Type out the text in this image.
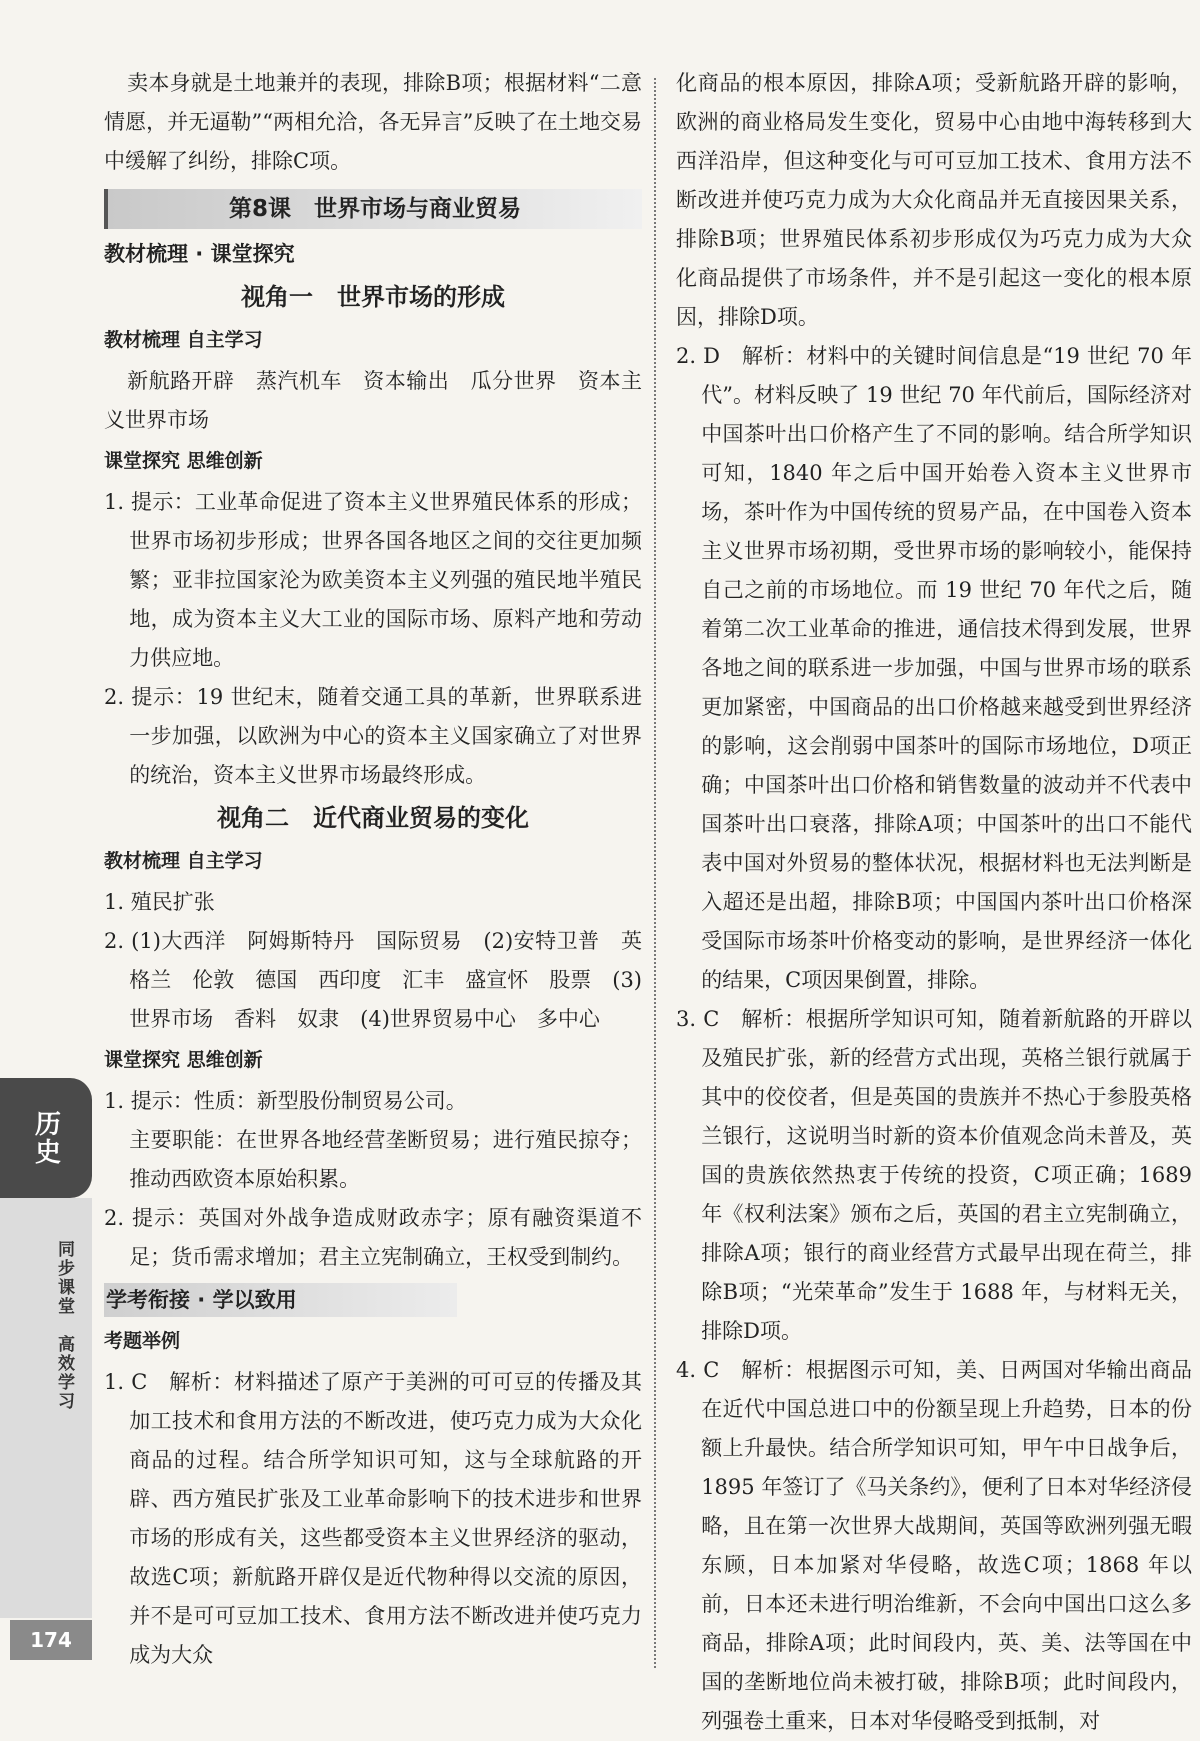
卖本身就是土地兼并的表现，排除B项；根据材料“二意情愿，并无逼勒”“两相允洽，各无异言”反映了在土地交易中缓解了纠纷，排除C项。

第8课　世界市场与商业贸易
教材梳理 · 课堂探究
视角一　世界市场的形成
教材梳理 自主学习

新航路开辟　蒸汽机车　资本输出　瓜分世界　资本主义世界市场

课堂探究 思维创新

1. 提示：工业革命促进了资本主义世界殖民体系的形成；世界市场初步形成；世界各国各地区之间的交往更加频繁；亚非拉国家沦为欧美资本主义列强的殖民地半殖民地，成为资本主义大工业的国际市场、原料产地和劳动力供应地。

2. 提示：19 世纪末，随着交通工具的革新，世界联系进一步加强，以欧洲为中心的资本主义国家确立了对世界的统治，资本主义世界市场最终形成。

视角二　近代商业贸易的变化
教材梳理 自主学习

1. 殖民扩张

2. (1)大西洋　阿姆斯特丹　国际贸易　(2)安特卫普　英格兰　伦敦　德国　西印度　汇丰　盛宣怀　股票　(3)世界市场　香料　奴隶　(4)世界贸易中心　多中心

课堂探究 思维创新

1. 提示：性质：新型股份制贸易公司。

主要职能：在世界各地经营垄断贸易；进行殖民掠夺；推动西欧资本原始积累。

2. 提示：英国对外战争造成财政赤字；原有融资渠道不足；货币需求增加；君主立宪制确立，王权受到制约。

学考衔接 · 学以致用
考题举例

1. C　解析：材料描述了原产于美洲的可可豆的传播及其加工技术和食用方法的不断改进，使巧克力成为大众化商品的过程。结合所学知识可知，这与全球航路的开辟、西方殖民扩张及工业革命影响下的技术进步和世界市场的形成有关，这些都受资本主义世界经济的驱动，故选C项；新航路开辟仅是近代物种得以交流的原因，并不是可可豆加工技术、食用方法不断改进并使巧克力成为大众

化商品的根本原因，排除A项；受新航路开辟的影响，欧洲的商业格局发生变化，贸易中心由地中海转移到大西洋沿岸，但这种变化与可可豆加工技术、食用方法不断改进并使巧克力成为大众化商品并无直接因果关系，排除B项；世界殖民体系初步形成仅为巧克力成为大众化商品提供了市场条件，并不是引起这一变化的根本原因，排除D项。

2. D　解析：材料中的关键时间信息是“19 世纪 70 年代”。材料反映了 19 世纪 70 年代前后，国际经济对中国茶叶出口价格产生了不同的影响。结合所学知识可知，1840 年之后中国开始卷入资本主义世界市场，茶叶作为中国传统的贸易产品，在中国卷入资本主义世界市场初期，受世界市场的影响较小，能保持自己之前的市场地位。而 19 世纪 70 年代之后，随着第二次工业革命的推进，通信技术得到发展，世界各地之间的联系进一步加强，中国与世界市场的联系更加紧密，中国商品的出口价格越来越受到世界经济的影响，这会削弱中国茶叶的国际市场地位，D项正确；中国茶叶出口价格和销售数量的波动并不代表中国茶叶出口衰落，排除A项；中国茶叶的出口不能代表中国对外贸易的整体状况，根据材料也无法判断是入超还是出超，排除B项；中国国内茶叶出口价格深受国际市场茶叶价格变动的影响，是世界经济一体化的结果，C项因果倒置，排除。

3. C　解析：根据所学知识可知，随着新航路的开辟以及殖民扩张，新的经营方式出现，英格兰银行就属于其中的佼佼者，但是英国的贵族并不热心于参股英格兰银行，这说明当时新的资本价值观念尚未普及，英国的贵族依然热衷于传统的投资，C项正确；1689 年《权利法案》颁布之后，英国的君主立宪制确立，排除A项；银行的商业经营方式最早出现在荷兰，排除B项；“光荣革命”发生于 1688 年，与材料无关，排除D项。

4. C　解析：根据图示可知，美、日两国对华输出商品在近代中国总进口中的份额呈现上升趋势，日本的份额上升最快。结合所学知识可知，甲午中日战争后，1895 年签订了《马关条约》，便利了日本对华经济侵略，且在第一次世界大战期间，英国等欧洲列强无暇东顾，日本加紧对华侵略，故选C项；1868 年以前，日本还未进行明治维新，不会向中国出口这么多商品，排除A项；此时间段内，英、美、法等国在中国的垄断地位尚未被打破，排除B项；此时间段内，列强卷土重来，日本对华侵略受到抵制，对

历史
同步课堂　高效学习
174
